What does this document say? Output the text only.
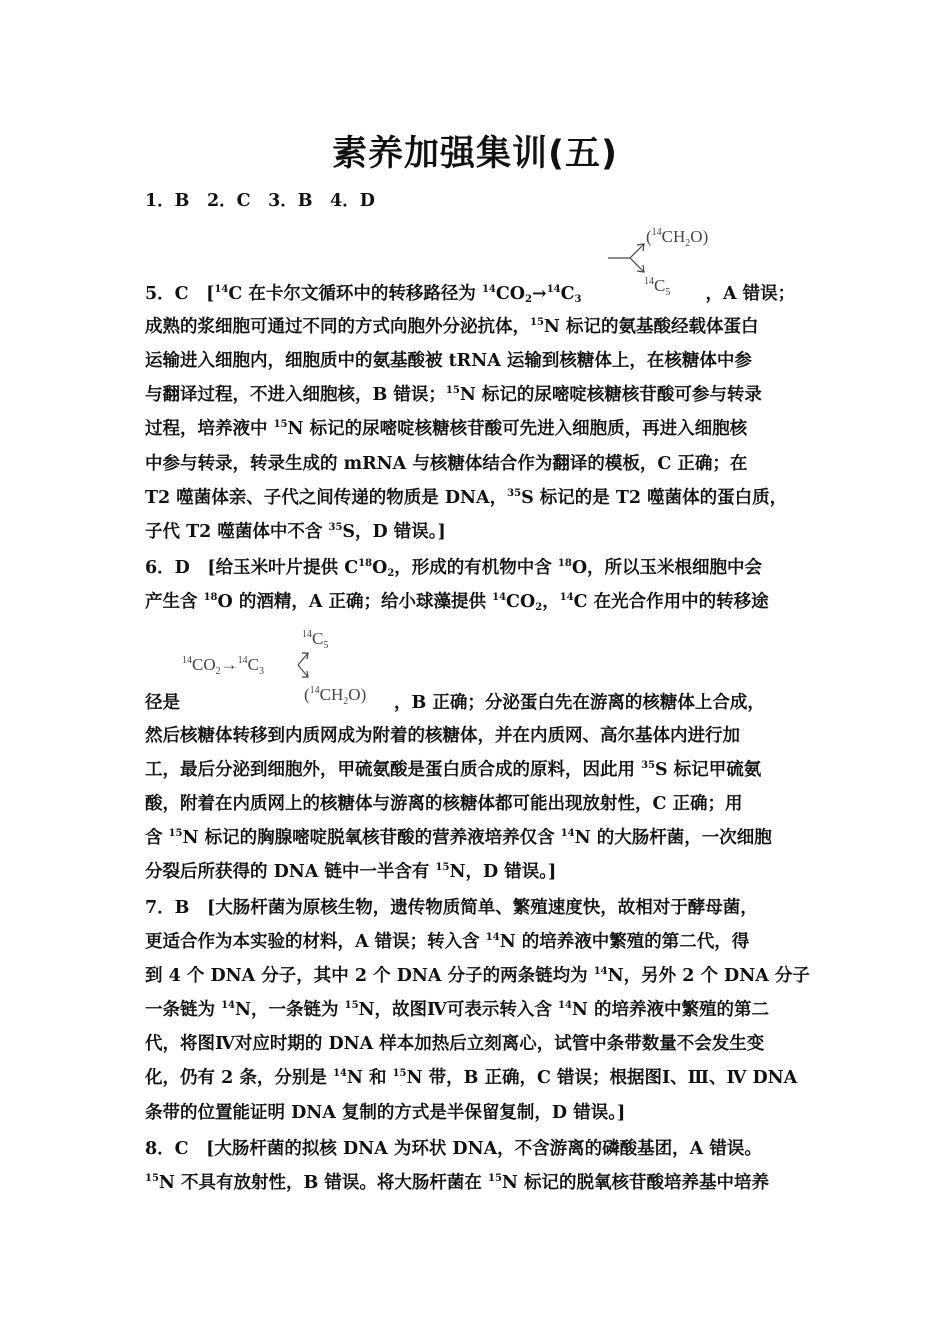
素养加强集训(五)
1．B　2．C　3．B　4．D
$(^{14}CH_2O)$
$^{14}C_5$
5．C　[$^{14}$C 在卡尔文循环中的转移路径为 $^{14}CO_2\to^{14}C_3$	，A 错误；
成熟的浆细胞可通过不同的方式向胞外分泌抗体，$^{15}$N 标记的氨基酸经载体蛋白
运输进入细胞内，细胞质中的氨基酸被 tRNA 运输到核糖体上，在核糖体中参
与翻译过程，不进入细胞核，B 错误；$^{15}$N 标记的尿嘧啶核糖核苷酸可参与转录
过程，培养液中 $^{15}$N 标记的尿嘧啶核糖核苷酸可先进入细胞质，再进入细胞核
中参与转录，转录生成的 mRNA 与核糖体结合作为翻译的模板，C 正确；在
T2 噬菌体亲、子代之间传递的物质是 DNA，$^{35}$S 标记的是 T2 噬菌体的蛋白质，
子代 T2 噬菌体中不含 $^{35}$S，D 错误。]
6．D　[给玉米叶片提供 $C^{18}O_2$，形成的有机物中含 $^{18}$O，所以玉米根细胞中会
产生含 $^{18}$O 的酒精，A 正确；给小球藻提供 $^{14}CO_2$，$^{14}$C 在光合作用中的转移途
$^{14}CO_2\to^{14}C_3$
$^{14}C_5$
$(^{14}CH_2O)$
径是	，B 正确；分泌蛋白先在游离的核糖体上合成，
然后核糖体转移到内质网成为附着的核糖体，并在内质网、高尔基体内进行加
工，最后分泌到细胞外，甲硫氨酸是蛋白质合成的原料，因此用 $^{35}$S 标记甲硫氨
酸，附着在内质网上的核糖体与游离的核糖体都可能出现放射性，C 正确；用
含 $^{15}$N 标记的胸腺嘧啶脱氧核苷酸的营养液培养仅含 $^{14}$N 的大肠杆菌，一次细胞
分裂后所获得的 DNA 链中一半含有 $^{15}$N，D 错误。]
7．B　[大肠杆菌为原核生物，遗传物质简单、繁殖速度快，故相对于酵母菌，
更适合作为本实验的材料，A 错误；转入含 $^{14}$N 的培养液中繁殖的第二代，得
到 4 个 DNA 分子，其中 2 个 DNA 分子的两条链均为 $^{14}$N，另外 2 个 DNA 分子
一条链为 $^{14}$N，一条链为 $^{15}$N，故图Ⅳ可表示转入含 $^{14}$N 的培养液中繁殖的第二
代，将图Ⅳ对应时期的 DNA 样本加热后立刻离心，试管中条带数量不会发生变
化，仍有 2 条，分别是 $^{14}$N 和 $^{15}$N 带，B 正确，C 错误；根据图Ⅰ、Ⅲ、Ⅳ DNA
条带的位置能证明 DNA 复制的方式是半保留复制，D 错误。]
8．C　[大肠杆菌的拟核 DNA 为环状 DNA，不含游离的磷酸基团，A 错误。
$^{15}$N 不具有放射性，B 错误。将大肠杆菌在 $^{15}$N 标记的脱氧核苷酸培养基中培养
